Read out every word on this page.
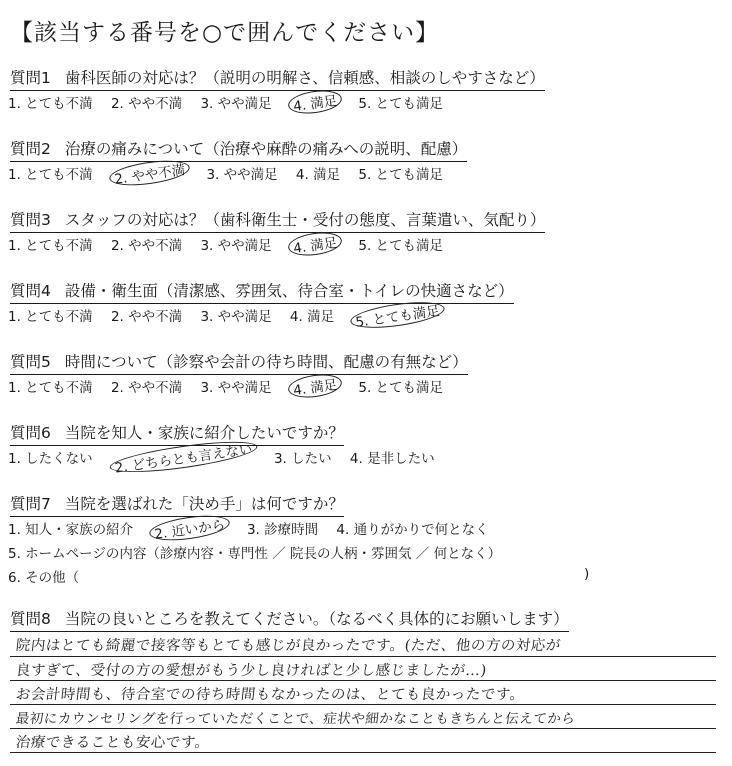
【該当する番号を○で囲んでください】
質問1 歯科医師の対応は？（説明の明解さ、信頼感、相談のしやすさなど）
1. とても不満 2. やや不満 3. やや満足 4. 満足 5. とても満足
質問2 治療の痛みについて（治療や麻酔の痛みへの説明、配慮）
1. とても不満 2. やや不満 3. やや満足 4. 満足 5. とても満足
質問3 スタッフの対応は？（歯科衛生士・受付の態度、言葉遣い、気配り）
1. とても不満 2. やや不満 3. やや満足 4. 満足 5. とても満足
質問4 設備・衛生面（清潔感、雰囲気、待合室・トイレの快適さなど）
1. とても不満 2. やや不満 3. やや満足 4. 満足 5. とても満足
質問5 時間について（診察や会計の待ち時間、配慮の有無など）
1. とても不満 2. やや不満 3. やや満足 4. 満足 5. とても満足
質問6 当院を知人・家族に紹介したいですか？
1. したくない 2. どちらとも言えない 3. したい 4. 是非したい
質問7 当院を選ばれた「決め手」は何ですか？
1. 知人・家族の紹介 2. 近いから 3. 診療時間 4. 通りがかりで何となく
5. ホームページの内容（診療内容・専門性 ／ 院長の人柄・雰囲気 ／ 何となく）
6. その他（	)
質問8 当院の良いところを教えてください。（なるべく具体的にお願いします）
院内はとても綺麗で接客等もとても感じが良かったです。(ただ、他の方の対応が
良すぎて、受付の方の愛想がもう少し良ければと少し感じましたが…)
お会計時間も、待合室での待ち時間もなかったのは、とても良かったです。
最初にカウンセリングを行っていただくことで、症状や細かなこともきちんと伝えてから
治療できることも安心です。
